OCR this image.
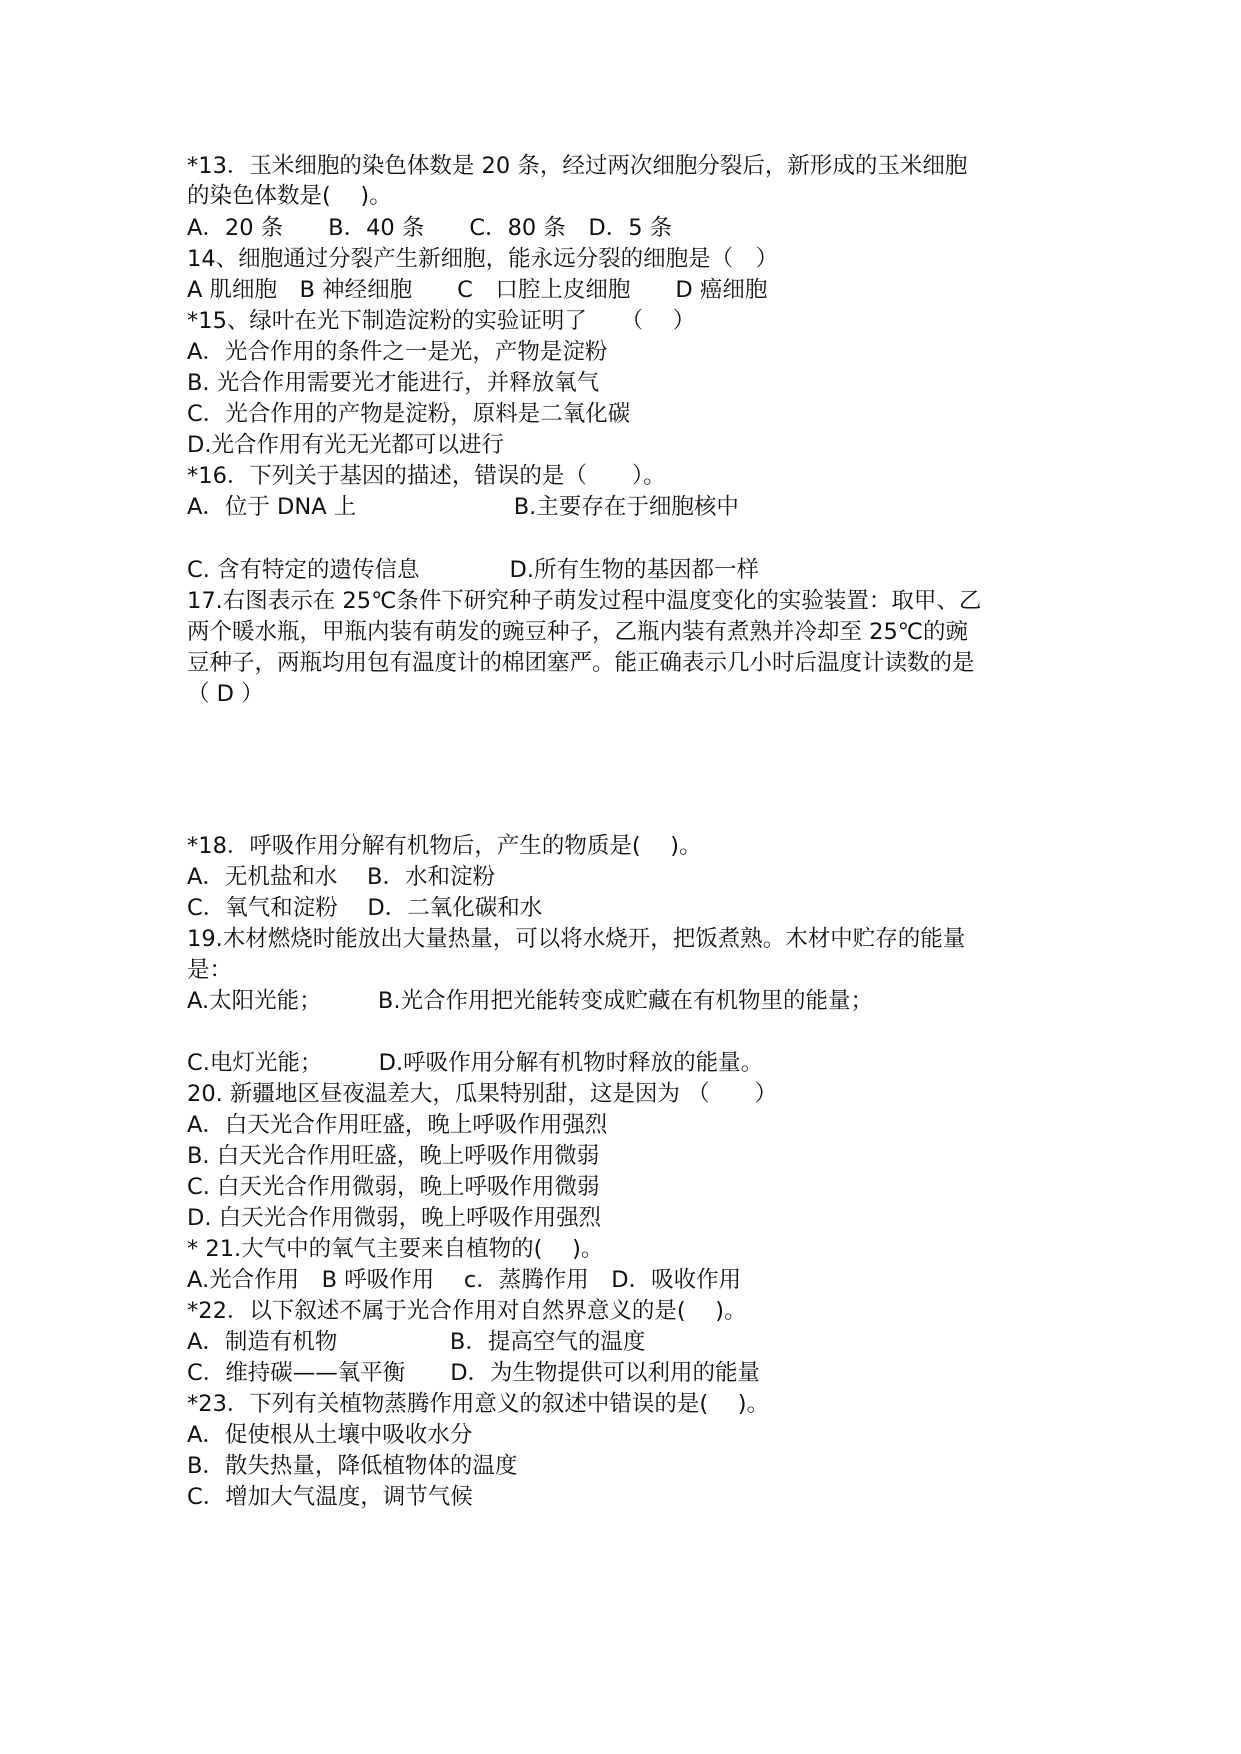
*13．玉米细胞的染色体数是 20 条，经过两次细胞分裂后，新形成的玉米细胞
的染色体数是(　 )。
A．20 条　　B．40 条　　C．80 条　D．5 条
14、细胞通过分裂产生新细胞，能永远分裂的细胞是（　）
A 肌细胞　B 神经细胞　　C　口腔上皮细胞　　D 癌细胞
*15、绿叶在光下制造淀粉的实验证明了　　（　 ）
A．光合作用的条件之一是光，产物是淀粉
B. 光合作用需要光才能进行，并释放氧气
C．光合作用的产物是淀粉，原料是二氧化碳
D.光合作用有光无光都可以进行
*16．下列关于基因的描述，错误的是（　　）。
A．位于 DNA 上　　　　　　　B.主要存在于细胞核中
C. 含有特定的遗传信息　　　　D.所有生物的基因都一样
17.右图表示在 25℃条件下研究种子萌发过程中温度变化的实验装置：取甲、乙
两个暖水瓶，甲瓶内装有萌发的豌豆种子，乙瓶内装有煮熟并冷却至 25℃的豌
豆种子，两瓶均用包有温度计的棉团塞严。能正确表示几小时后温度计读数的是
（ D ）
*18．呼吸作用分解有机物后，产生的物质是(　 )。
A．无机盐和水　 B．水和淀粉
C．氧气和淀粉　 D．二氧化碳和水
19.木材燃烧时能放出大量热量，可以将水烧开，把饭煮熟。木材中贮存的能量
是：
A.太阳光能；　　　B.光合作用把光能转变成贮藏在有机物里的能量；
C.电灯光能；　　　D.呼吸作用分解有机物时释放的能量。
20. 新疆地区昼夜温差大，瓜果特别甜，这是因为 （　　）
A．白天光合作用旺盛，晚上呼吸作用强烈
B. 白天光合作用旺盛，晚上呼吸作用微弱
C. 白天光合作用微弱，晚上呼吸作用微弱
D. 白天光合作用微弱，晚上呼吸作用强烈
* 21.大气中的氧气主要来自植物的(　 )。
A.光合作用　B 呼吸作用　 c．蒸腾作用　D．吸收作用
*22．以下叙述不属于光合作用对自然界意义的是(　 )。
A．制造有机物　　　　　B．提高空气的温度
C．维持碳——氧平衡　　D．为生物提供可以利用的能量
*23．下列有关植物蒸腾作用意义的叙述中错误的是(　 )。
A．促使根从土壤中吸收水分
B．散失热量，降低植物体的温度
C．增加大气温度，调节气候
